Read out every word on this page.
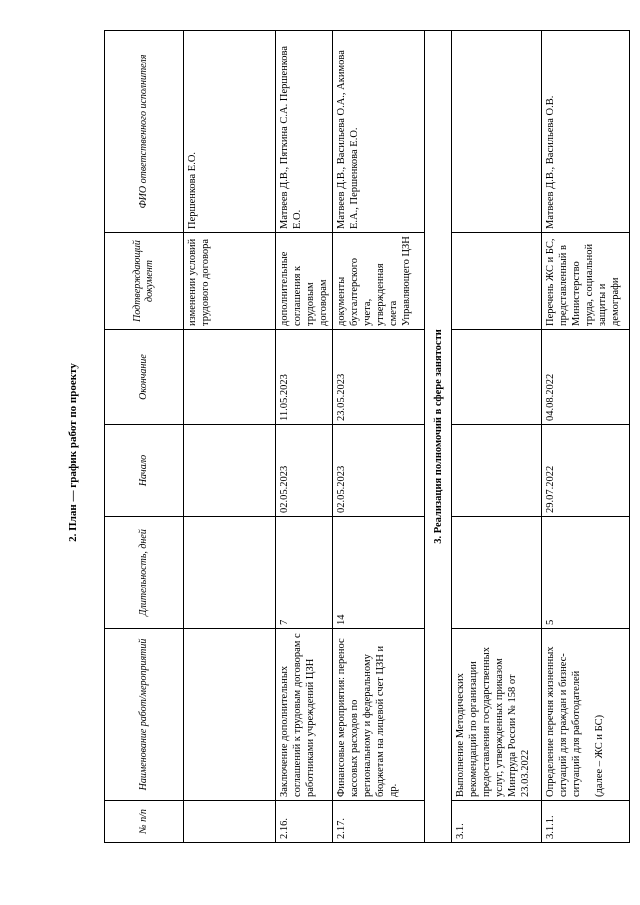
2. План — график работ по проекту
№ п/п	Наименование работ/мероприятий	Длительность, дней	Начало	Окончание	Подтверждающий документ	ФИО ответственного исполнителя
					изменении условий трудового договора	Першенкова Е.О.
2.16.	Заключение дополнительных соглашений к трудовым договорам с работниками учреждений ЦЗН	7	02.05.2023	11.05.2023	дополнительные соглашения к трудовым договорам	Матвеев Д.В., Пяткина С.А. Першенкова Е.О.
2.17.	Финансовые мероприятия: перенос кассовых расходов по региональному и федеральному бюджетам на лицевой счет ЦЗН и др.	14	02.05.2023	23.05.2023	документы бухгалтерского учета, утвержденная смета Управляющего ЦЗН	Матвеев Д.В., Васильева О.А., Акимова Е.А., Першенкова Е.О.
3. Реализация полномочий в сфере занятости						
3.1.	Выполнение Методических рекомендаций по организации предоставления государственных услуг, утвержденных приказом Минтруда России № 158 от 23.03.2022					
3.1.1.	Определение перечня жизненных ситуаций для граждан и бизнес-ситуаций для работодателей (далее – ЖС и БС)	5	29.07.2022	04.08.2022	Перечень ЖС и БС, представленный в Министерство труда, социальной защиты и демографи	Матвеев Д.В., Васильева О.В.
